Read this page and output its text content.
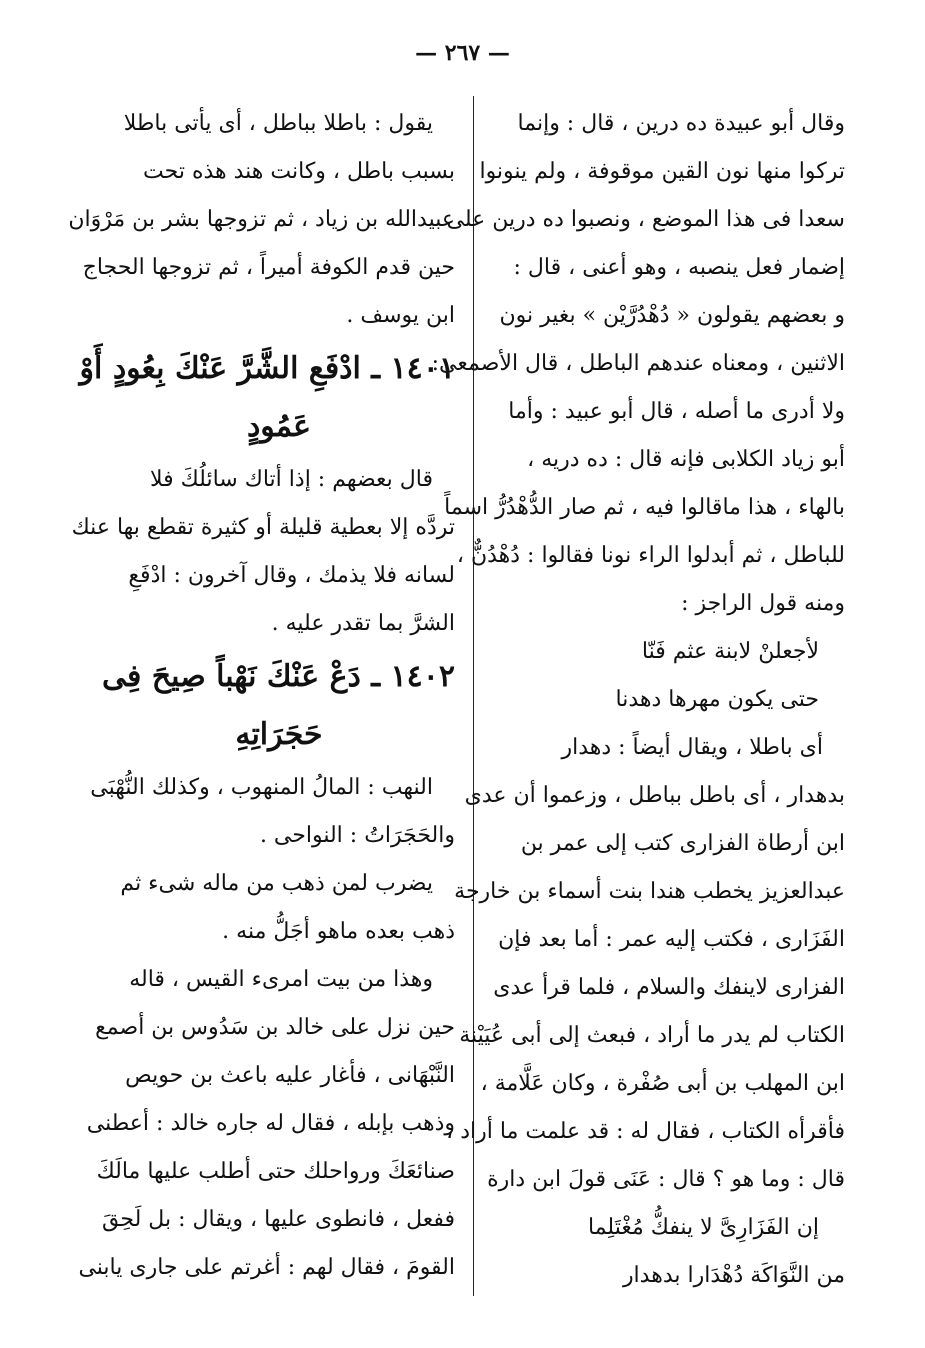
— ٢٦٧ —
وقال أبو عبيدة ده درين ، قال : وإنما
تركوا منها نون القين موقوفة ، ولم ينونوا
سعدا فى هذا الموضع ، ونصبوا ده درين على
إضمار فعل ينصبه ، وهو أعنى ، قال :
و بعضهم يقولون « دُهْدُرَّيْن » بغير نون
الاثنين ، ومعناه عندهم الباطل ، قال الأصمعى:
ولا أدرى ما أصله ، قال أبو عبيد : وأما
أبو زياد الكلابى فإنه قال : ده دريه ،
بالهاء ، هذا ماقالوا فيه ، ثم صار الدُّهْدُرُّ اسماً
للباطل ، ثم أبدلوا الراء نونا فقالوا : دُهْدُنٌّ ،
ومنه قول الراجز :
لأجعلنْ لابنة عثم فَنّا
حتى يكون مهرها دهدنا
أى باطلا ، ويقال أيضاً : دهدار
بدهدار ، أى باطل بباطل ، وزعموا أن عدى
ابن أرطاة الفزارى كتب إلى عمر بن
عبدالعزيز يخطب هندا بنت أسماء بن خارجة
الفَزَارى ، فكتب إليه عمر : أما بعد فإن
الفزارى لاينفك والسلام ، فلما قرأ عدى
الكتاب لم يدر ما أراد ، فبعث إلى أبى عُيَيْنة
ابن المهلب بن أبى صُفْرة ، وكان عَلَّامة ،
فأقرأه الكتاب ، فقال له : قد علمت ما أراد ،
قال : وما هو ؟ قال : عَنَى قولَ ابن دارة
إن الفَزَارِىَّ لا ينفكُّ مُغْتَلِما
من النَّوَاكَة دُهْدَارا بدهدار
يقول : باطلا بباطل ، أى يأتى باطلا
بسبب باطل ، وكانت هند هذه تحت
عبيدالله بن زياد ، ثم تزوجها بشر بن مَرْوَان
حين قدم الكوفة أميراً ، ثم تزوجها الحجاج
ابن يوسف .
١٤٠١ ـ ادْفَعِ الشَّرَّ عَنْكَ بِعُودٍ أَوْ
عَمُودٍ
قال بعضهم : إذا أتاك سائلُكَ فلا
تردَّه إلا بعطية قليلة أو كثيرة تقطع بها عنك
لسانه فلا يذمك ، وقال آخرون : ادْفَعِ
الشرَّ بما تقدر عليه .
١٤٠٢ ـ دَعْ عَنْكَ نَهْباً صِيحَ فِى
حَجَرَاتِهِ
النهب : المالُ المنهوب ، وكذلك النُّهْبَى
والحَجَرَاتُ : النواحى .
يضرب لمن ذهب من ماله شىء ثم
ذهب بعده ماهو أجَلُّ منه .
وهذا من بيت امرىء القيس ، قاله
حين نزل على خالد بن سَدُوس بن أصمع
النَّبْهَانى ، فأغار عليه باعث بن حويص
وذهب بإبله ، فقال له جاره خالد : أعطنى
صنائعَكَ ورواحلك حتى أطلب عليها مالَكَ
ففعل ، فانطوى عليها ، ويقال : بل لَحِقَ
القومَ ، فقال لهم : أغرتم على جارى يابنى
